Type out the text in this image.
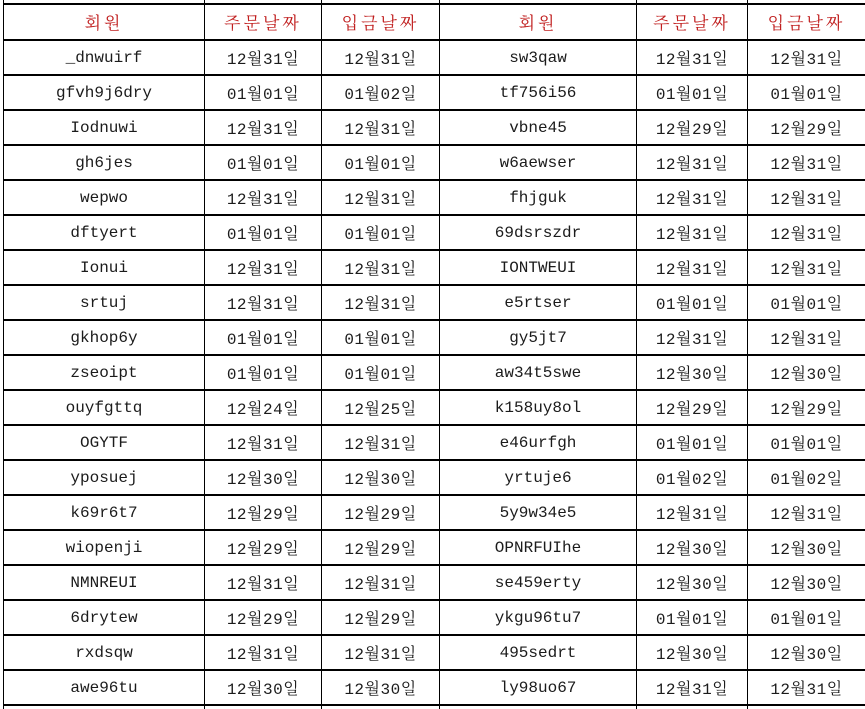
회원	주문날짜	입금날짜	회원	주문날짜	입금날짜
_dnwuirf	12월31일	12월31일	sw3qaw	12월31일	12월31일
gfvh9j6dry	01월01일	01월02일	tf756i56	01월01일	01월01일
Iodnuwi	12월31일	12월31일	vbne45	12월29일	12월29일
gh6jes	01월01일	01월01일	w6aewser	12월31일	12월31일
wepwo	12월31일	12월31일	fhjguk	12월31일	12월31일
dftyert	01월01일	01월01일	69dsrszdr	12월31일	12월31일
Ionui	12월31일	12월31일	IONTWEUI	12월31일	12월31일
srtuj	12월31일	12월31일	e5rtser	01월01일	01월01일
gkhop6y	01월01일	01월01일	gy5jt7	12월31일	12월31일
zseoipt	01월01일	01월01일	aw34t5swe	12월30일	12월30일
ouyfgttq	12월24일	12월25일	k158uy8ol	12월29일	12월29일
OGYTF	12월31일	12월31일	e46urfgh	01월01일	01월01일
yposuej	12월30일	12월30일	yrtuje6	01월02일	01월02일
k69r6t7	12월29일	12월29일	5y9w34e5	12월31일	12월31일
wiopenji	12월29일	12월29일	OPNRFUIhe	12월30일	12월30일
NMNREUI	12월31일	12월31일	se459erty	12월30일	12월30일
6drytew	12월29일	12월29일	ykgu96tu7	01월01일	01월01일
rxdsqw	12월31일	12월31일	495sedrt	12월30일	12월30일
awe96tu	12월30일	12월30일	ly98uo67	12월31일	12월31일
